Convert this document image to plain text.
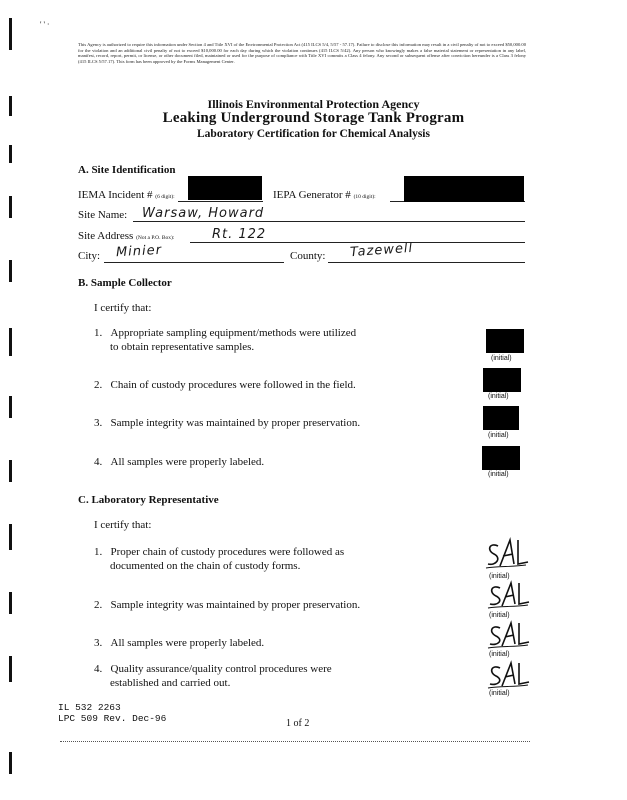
' ' ·
This Agency is authorized to require this information under Section 4 and Title XVI of the Environmental Protection Act (415 ILCS 5/4, 5/57 - 57.17). Failure to disclose this information may result in a civil penalty of not to exceed $50,000.00 for the violation and an additional civil penalty of not to exceed $10,000.00 for each day during which the violation continues (415 ILCS 5/42). Any person who knowingly makes a false material statement or representation in any label, manifest, record, report, permit, or license, or other document filed, maintained or used for the purpose of compliance with Title XVI commits a Class 4 felony. Any second or subsequent offense after conviction hereunder is a Class 3 felony (415 ILCS 5/57.17). This form has been approved by the Forms Management Center.
Illinois Environmental Protection Agency
Leaking Underground Storage Tank Program
Laboratory Certification for Chemical Analysis
A. Site Identification
IEMA Incident # (6 digit):	IEPA Generator # (10 digit):
Site Name: Warsaw, Howard
Site Address (Not a P.O. Box):	Rt. 122
City: Minier	County: Tazewell
B. Sample Collector
I certify that:
1. Appropriate sampling equipment/methods were utilized
to obtain representative samples.
(initial)
2. Chain of custody procedures were followed in the field.
(initial)
3. Sample integrity was maintained by proper preservation.
(initial)
4. All samples were properly labeled.
(initial)
C. Laboratory Representative
I certify that:
1. Proper chain of custody procedures were followed as
documented on the chain of custody forms.
(initial)
2. Sample integrity was maintained by proper preservation.
(initial)
3. All samples were properly labeled.
(initial)
4. Quality assurance/quality control procedures were
established and carried out.
(initial)
IL 532 2263
LPC 509 Rev. Dec-96	1 of 2
